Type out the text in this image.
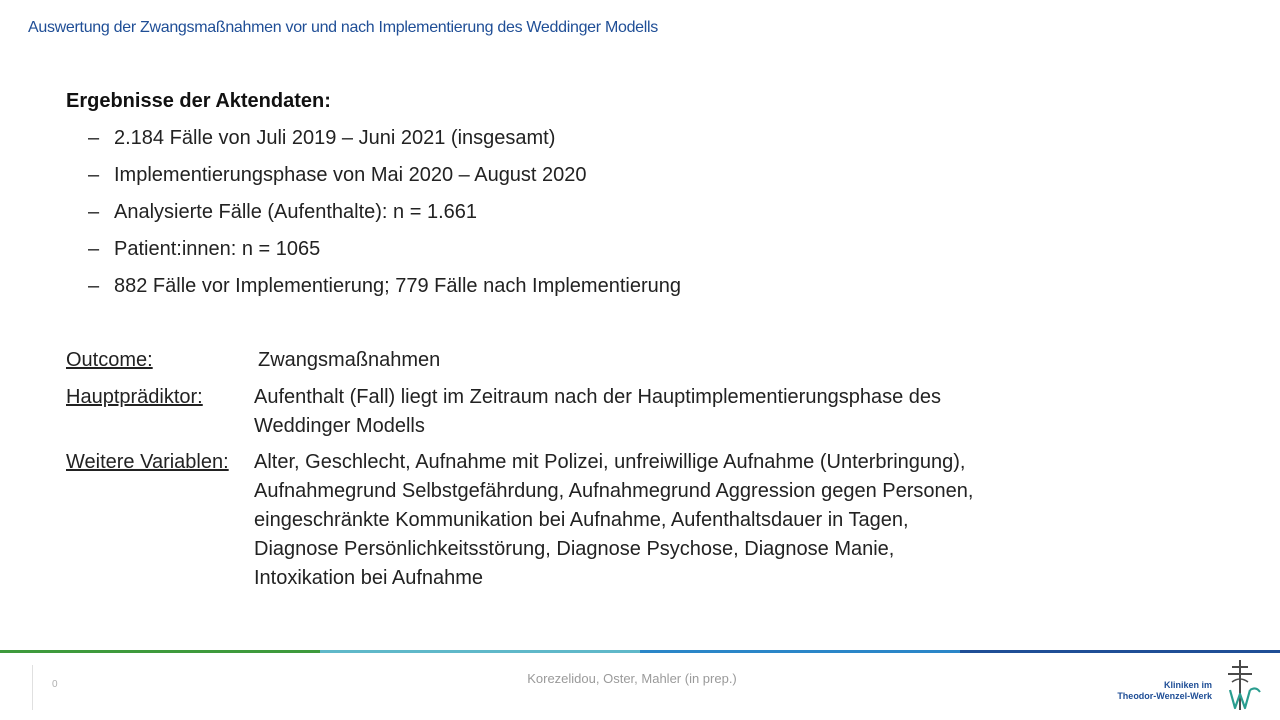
Auswertung der Zwangsmaßnahmen vor und nach Implementierung des Weddinger Modells
Ergebnisse der Aktendaten:
– 2.184 Fälle von Juli 2019 – Juni 2021 (insgesamt)
– Implementierungsphase von Mai 2020 – August 2020
– Analysierte Fälle (Aufenthalte): n = 1.661
– Patient:innen: n = 1065
– 882 Fälle vor Implementierung; 779 Fälle nach Implementierung
Outcome:	Zwangsmaßnahmen
Hauptprädiktor:	Aufenthalt (Fall) liegt im Zeitraum nach der Hauptimplementierungsphase des Weddinger Modells
Weitere Variablen: Alter, Geschlecht, Aufnahme mit Polizei, unfreiwillige Aufnahme (Unterbringung), Aufnahmegrund Selbstgefährdung, Aufnahmegrund Aggression gegen Personen, eingeschränkte Kommunikation bei Aufnahme, Aufenthaltsdauer in Tagen, Diagnose Persönlichkeitsstörung, Diagnose Psychose, Diagnose Manie, Intoxikation bei Aufnahme
0	Korezelidou, Oster, Mahler (in prep.)	Kliniken im
Theodor-Wenzel-Werk
